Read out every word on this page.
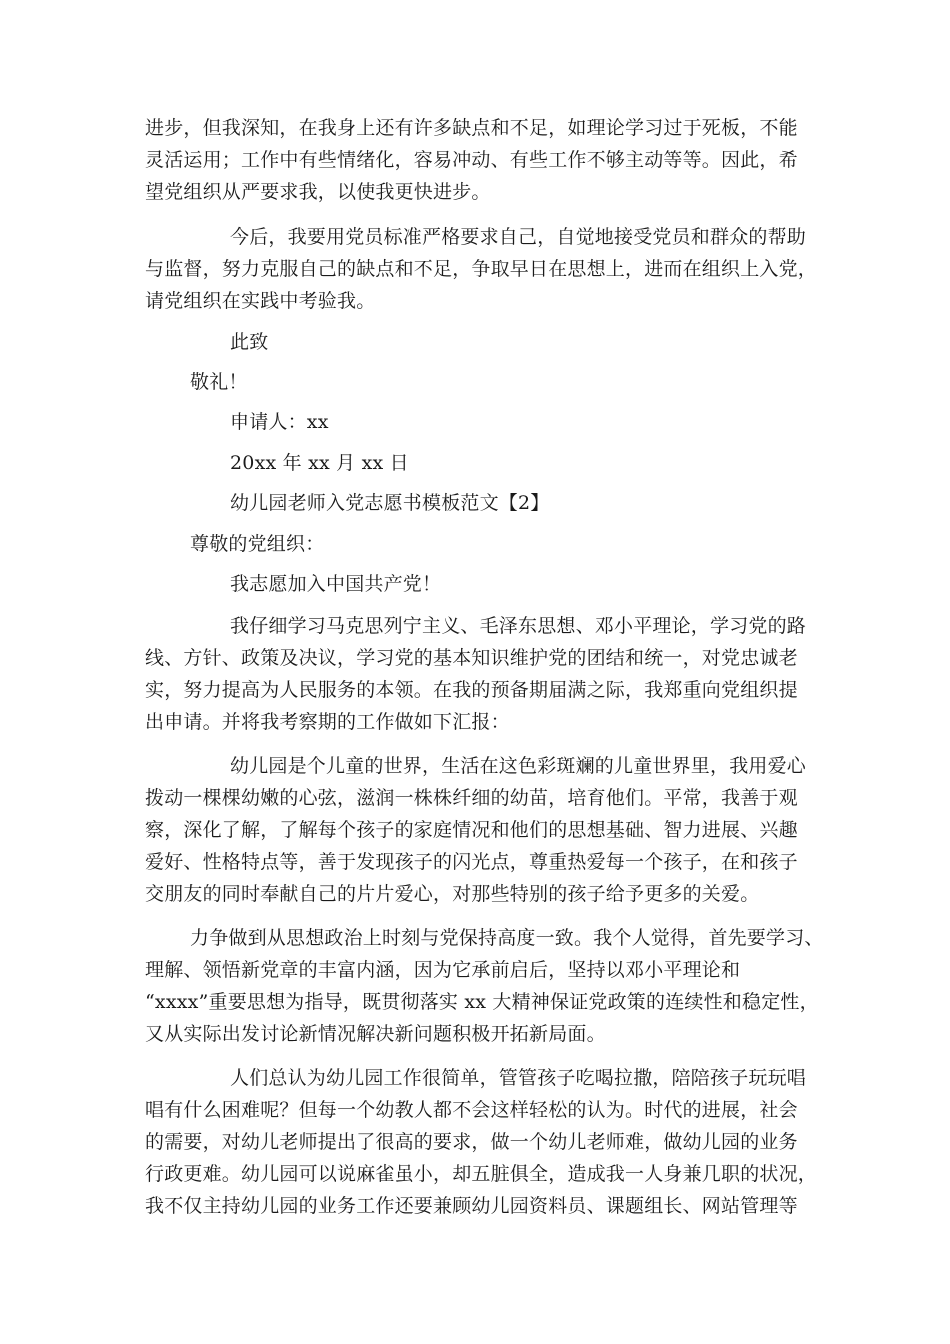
进步，但我深知，在我身上还有许多缺点和不足，如理论学习过于死板，不能
灵活运用；工作中有些情绪化，容易冲动、有些工作不够主动等等。因此，希
望党组织从严要求我，以使我更快进步。
今后，我要用党员标准严格要求自己，自觉地接受党员和群众的帮助
与监督，努力克服自己的缺点和不足，争取早日在思想上，进而在组织上入党，
请党组织在实践中考验我。
此致
敬礼！
申请人：xx
20xx 年 xx 月 xx 日
幼儿园老师入党志愿书模板范文【2】
尊敬的党组织：
我志愿加入中国共产党！
我仔细学习马克思列宁主义、毛泽东思想、邓小平理论，学习党的路
线、方针、政策及决议，学习党的基本知识维护党的团结和统一，对党忠诚老
实，努力提高为人民服务的本领。在我的预备期届满之际，我郑重向党组织提
出申请。并将我考察期的工作做如下汇报：
幼儿园是个儿童的世界，生活在这色彩斑斓的儿童世界里，我用爱心
拨动一棵棵幼嫩的心弦，滋润一株株纤细的幼苗，培育他们。平常，我善于观
察，深化了解，了解每个孩子的家庭情况和他们的思想基础、智力进展、兴趣
爱好、性格特点等，善于发现孩子的闪光点，尊重热爱每一个孩子，在和孩子
交朋友的同时奉献自己的片片爱心，对那些特别的孩子给予更多的关爱。
力争做到从思想政治上时刻与党保持高度一致。我个人觉得，首先要学习、
理解、领悟新党章的丰富内涵，因为它承前启后，坚持以邓小平理论和
“xxxx”重要思想为指导，既贯彻落实 xx 大精神保证党政策的连续性和稳定性，
又从实际出发讨论新情况解决新问题积极开拓新局面。
人们总认为幼儿园工作很简单，管管孩子吃喝拉撒，陪陪孩子玩玩唱
唱有什么困难呢？但每一个幼教人都不会这样轻松的认为。时代的进展，社会
的需要，对幼儿老师提出了很高的要求，做一个幼儿老师难，做幼儿园的业务
行政更难。幼儿园可以说麻雀虽小，却五脏俱全，造成我一人身兼几职的状况，
我不仅主持幼儿园的业务工作还要兼顾幼儿园资料员、课题组长、网站管理等
